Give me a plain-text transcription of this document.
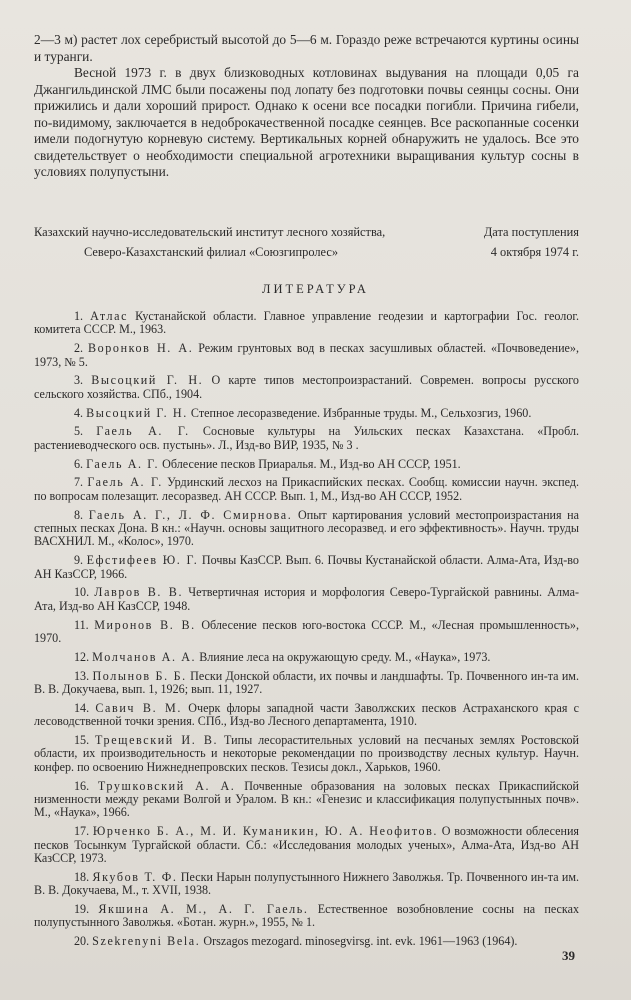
2—3 м) растет лох серебристый высотой до 5—6 м. Гораздо реже встречаются куртины осины и туранги.

Весной 1973 г. в двух близководных котловинах выдувания на площади 0,05 га Джангильдинской ЛМС были посажены под лопату без подготовки почвы сеянцы сосны. Они прижились и дали хороший прирост. Однако к осени все посадки погибли. Причина гибели, по-видимому, заключается в недоброкачественной посадке сеянцев. Все раскопанные сосенки имели подогнутую корневую систему. Вертикальных корней обнаружить не удалось. Все это свидетельствует о необходимости специальной агротехники выращивания культур сосны в условиях полупустыни.

Казахский научно-исследовательский институт лесного хозяйства,	Дата поступления
Северо-Казахстанский филиал «Союзгипролес»	4 октября 1974 г.
ЛИТЕРАТУРА

1. Атлас Кустанайской области. Главное управление геодезии и картографии Гос. геолог. комитета СССР. М., 1963.

2. Воронков Н. А. Режим грунтовых вод в песках засушливых областей. «Почвоведение», 1973, № 5.

3. Высоцкий Г. Н. О карте типов местопроизрастаний. Современ. вопросы русского сельского хозяйства. СПб., 1904.

4. Высоцкий Г. Н. Степное лесоразведение. Избранные труды. М., Сельхозгиз, 1960.

5. Гаель А. Г. Сосновые культуры на Уильских песках Казахстана. «Пробл. растениеводческого осв. пустынь». Л., Изд-во ВИР, 1935, № 3 .

6. Гаель А. Г. Облесение песков Приаралья. М., Изд-во АН СССР, 1951.

7. Гаель А. Г. Урдинский лесхоз на Прикаспийских песках. Сообщ. комиссии научн. экспед. по вопросам полезащит. лесоразвед. АН СССР. Вып. 1, М., Изд-во АН СССР, 1952.

8. Гаель А. Г., Л. Ф. Смирнова. Опыт картирования условий местопроизрастания на степных песках Дона. В кн.: «Научн. основы защитного лесоразвед. и его эффективность». Научн. труды ВАСХНИЛ. М., «Колос», 1970.

9. Ефстифеев Ю. Г. Почвы КазССР. Вып. 6. Почвы Кустанайской области. Алма-Ата, Изд-во АН КазССР, 1966.

10. Лавров В. В. Четвертичная история и морфология Северо-Тургайской равнины. Алма-Ата, Изд-во АН КазССР, 1948.

11. Миронов В. В. Облесение песков юго-востока СССР. М., «Лесная промышленность», 1970.

12. Молчанов А. А. Влияние леса на окружающую среду. М., «Наука», 1973.

13. Полынов Б. Б. Пески Донской области, их почвы и ландшафты. Тр. Почвенного ин-та им. В. В. Докучаева, вып. 1, 1926; вып. 11, 1927.

14. Савич В. М. Очерк флоры западной части Заволжских песков Астраханского края с лесоводственной точки зрения. СПб., Изд-во Лесного департамента, 1910.

15. Трещевский И. В. Типы лесорастительных условий на песчаных землях Ростовской области, их производительность и некоторые рекомендации по производству лесных культур. Научн. конфер. по освоению Нижнеднепровских песков. Тезисы докл., Харьков, 1960.

16. Трушковский А. А. Почвенные образования на золовых песках Прикаспийской низменности между реками Волгой и Уралом. В кн.: «Генезис и классификация полупустынных почв». М., «Наука», 1966.

17. Юрченко Б. А., М. И. Куманикин, Ю. А. Неофитов. О возможности облесения песков Тосынкум Тургайской области. Сб.: «Исследования молодых ученых», Алма-Ата, Изд-во АН КазССР, 1973.

18. Якубов Т. Ф. Пески Нарын полупустынного Нижнего Заволжья. Тр. Почвенного ин-та им. В. В. Докучаева, М., т. XVII, 1938.

19. Якшина А. М., А. Г. Гаель. Естественное возобновление сосны на песках полупустынного Заволжья. «Ботан. журн.», 1955, № 1.

20. Szekrenyni Bela. Orszagos mezogard. minosegvirsg. int. evk. 1961—1963 (1964).

39
